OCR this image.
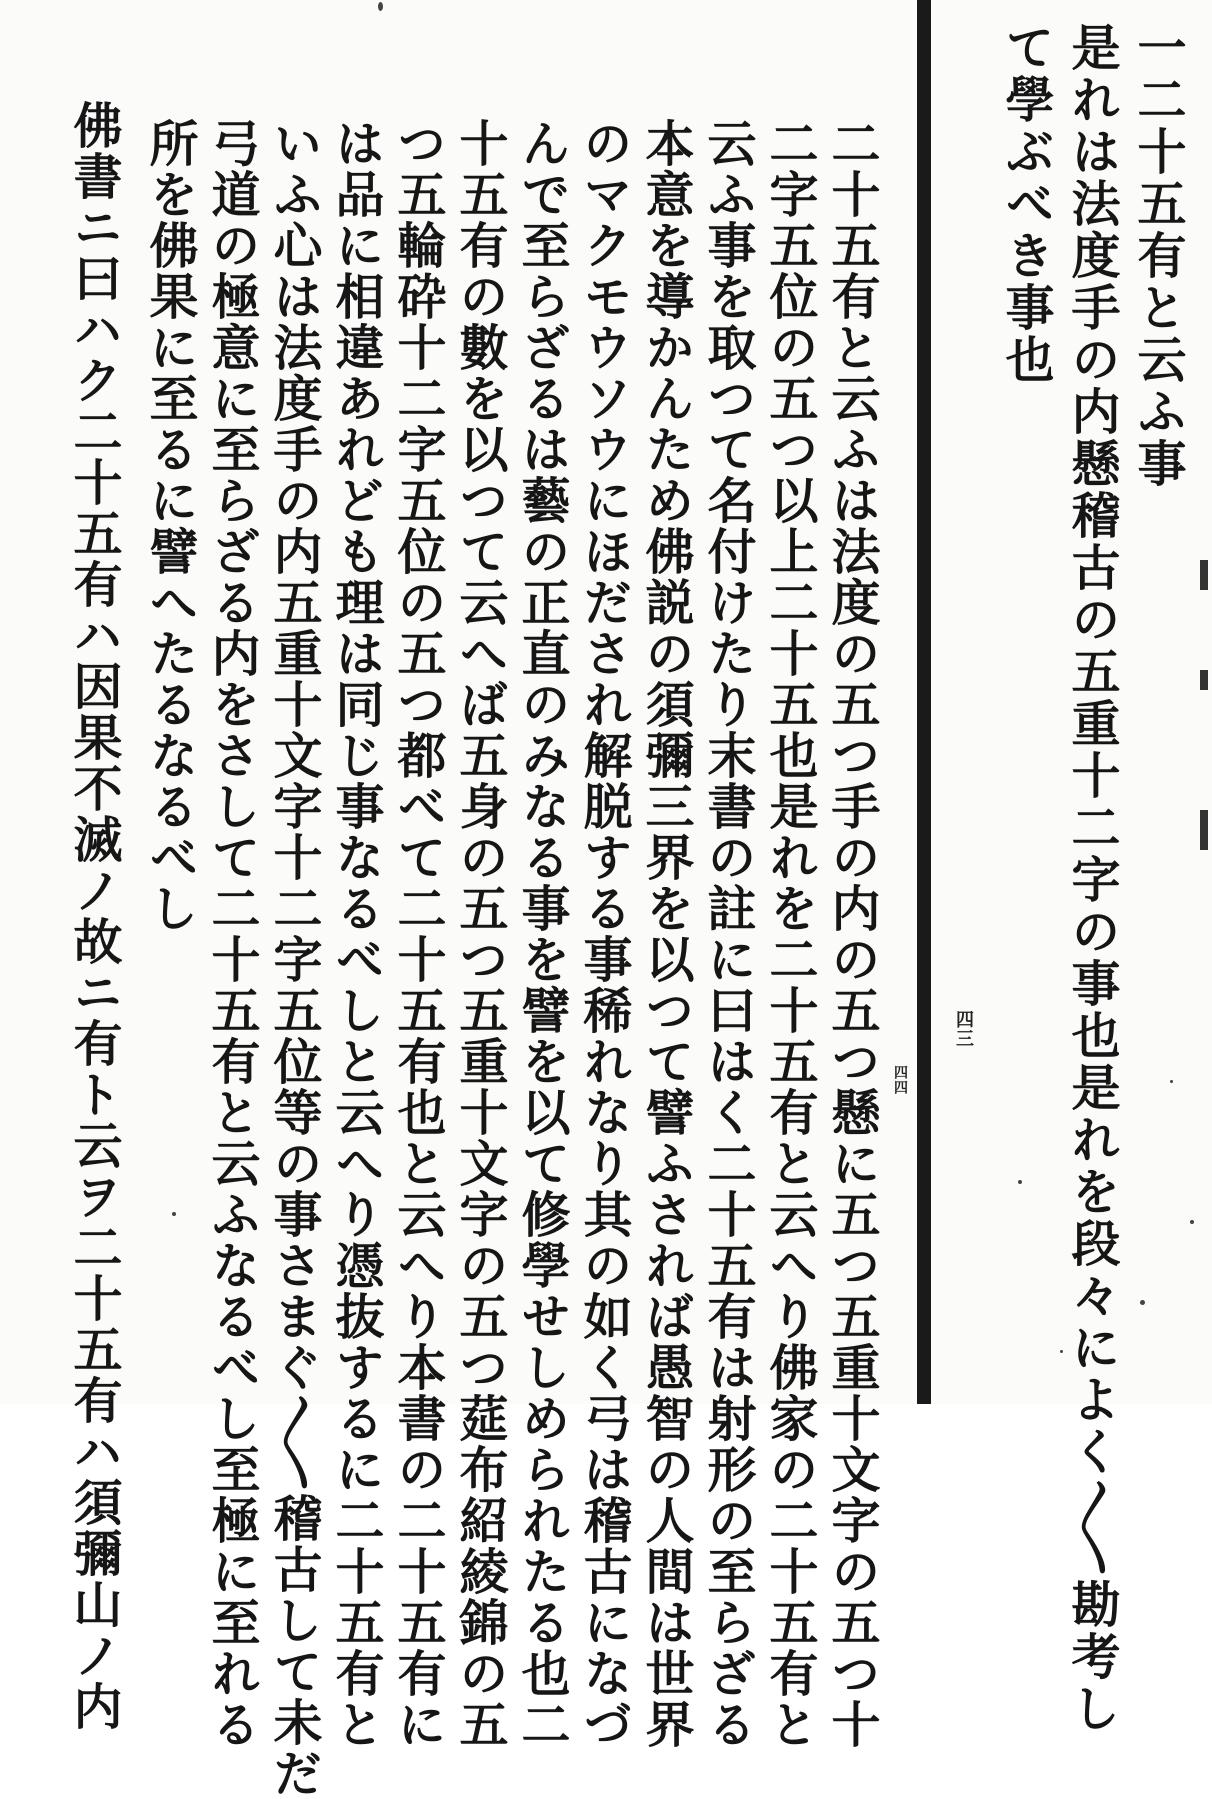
一二十五有と云ふ事
是れは法度手の内懸稽古の五重十二字の事也是れを段々によく〳〵勘考し
て學ぶべき事也
四三
四四
二十五有と云ふは法度の五つ手の内の五つ懸に五つ五重十文字の五つ十
二字五位の五つ以上二十五也是れを二十五有と云へり佛家の二十五有と
云ふ事を取つて名付けたり末書の註に曰はく二十五有は射形の至らざる
本意を導かんため佛説の須彌三界を以つて譬ふされば愚智の人間は世界
のマクモウソウにほだされ解脱する事稀れなり其の如く弓は稽古になづ
んで至らざるは藝の正直のみなる事を譬を以て修學せしめられたる也二
十五有の數を以つて云へば五身の五つ五重十文字の五つ莚布紹綾錦の五
つ五輪砕十二字五位の五つ都べて二十五有也と云へり本書の二十五有に
は品に相違あれども理は同じ事なるべしと云へり憑抜するに二十五有と
いふ心は法度手の内五重十文字十二字五位等の事さまぐ〳〵稽古して未だ
弓道の極意に至らざる内をさして二十五有と云ふなるべし至極に至れる
所を佛果に至るに譬へたるなるべし
佛書ニ曰ハク二十五有ハ因果不滅ノ故ニ有ト云ヲ二十五有ハ須彌山ノ内
